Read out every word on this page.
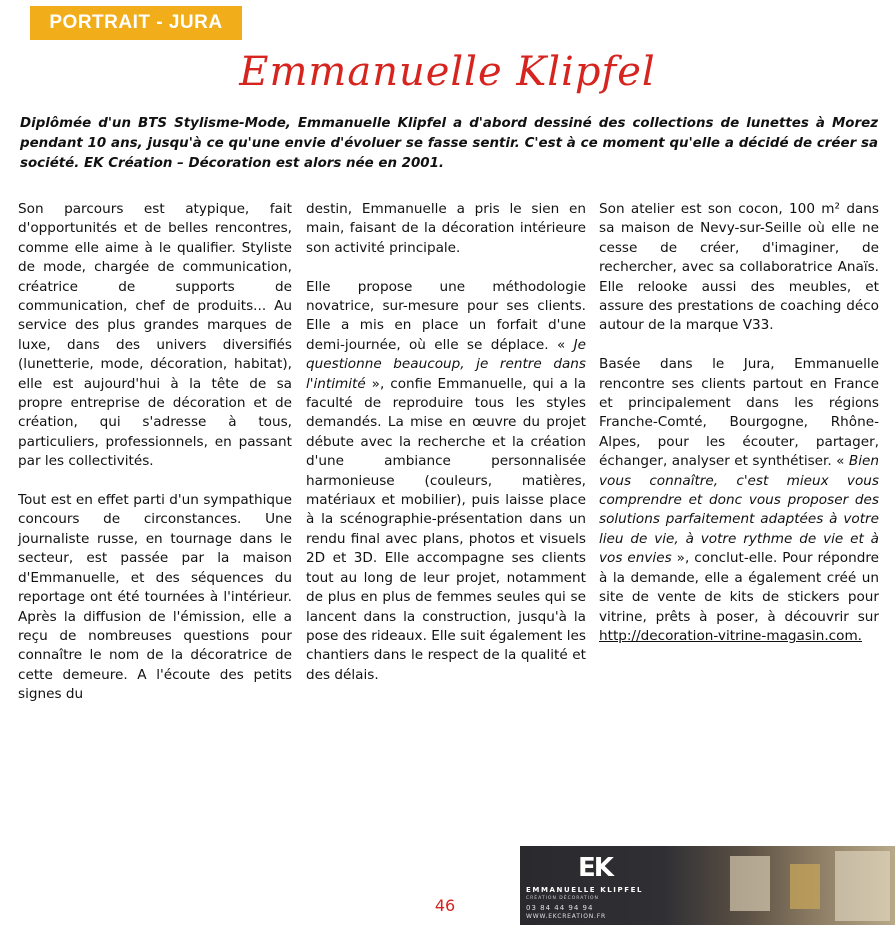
PORTRAIT - JURA
Emmanuelle Klipfel
Diplômée d'un BTS Stylisme-Mode, Emmanuelle Klipfel a d'abord dessiné des collections de lunettes à Morez pendant 10 ans, jusqu'à ce qu'une envie d'évoluer se fasse sentir. C'est à ce moment qu'elle a décidé de créer sa société. EK Création – Décoration est alors née en 2001.

Son parcours est atypique, fait d'opportunités et de belles rencontres, comme elle aime à le qualifier. Styliste de mode, chargée de communication, créatrice de supports de communication, chef de produits... Au service des plus grandes marques de luxe, dans des univers diversifiés (lunetterie, mode, décoration, habitat), elle est aujourd'hui à la tête de sa propre entreprise de décoration et de création, qui s'adresse à tous, particuliers, professionnels, en passant par les collectivités.

Tout est en effet parti d'un sympathique concours de circonstances. Une journaliste russe, en tournage dans le secteur, est passée par la maison d'Emmanuelle, et des séquences du reportage ont été tournées à l'intérieur. Après la diffusion de l'émission, elle a reçu de nombreuses questions pour connaître le nom de la décoratrice de cette demeure. A l'écoute des petits signes du

destin, Emmanuelle a pris le sien en main, faisant de la décoration intérieure son activité principale.

Elle propose une méthodologie novatrice, sur-mesure pour ses clients. Elle a mis en place un forfait d'une demi-journée, où elle se déplace. « Je questionne beaucoup, je rentre dans l'intimité », confie Emmanuelle, qui a la faculté de reproduire tous les styles demandés. La mise en œuvre du projet débute avec la recherche et la création d'une ambiance personnalisée harmonieuse (couleurs, matières, matériaux et mobilier), puis laisse place à la scénographie-présentation dans un rendu final avec plans, photos et visuels 2D et 3D. Elle accompagne ses clients tout au long de leur projet, notamment de plus en plus de femmes seules qui se lancent dans la construction, jusqu'à la pose des rideaux. Elle suit également les chantiers dans le respect de la qualité et des délais.

Son atelier est son cocon, 100 m² dans sa maison de Nevy-sur-Seille où elle ne cesse de créer, d'imaginer, de rechercher, avec sa collaboratrice Anaïs. Elle relooke aussi des meubles, et assure des prestations de coaching déco autour de la marque V33.

Basée dans le Jura, Emmanuelle rencontre ses clients partout en France et principalement dans les régions Franche-Comté, Bourgogne, Rhône-Alpes, pour les écouter, partager, échanger, analyser et synthétiser. « Bien vous connaître, c'est mieux vous comprendre et donc vous proposer des solutions parfaitement adaptées à votre lieu de vie, à votre rythme de vie et à vos envies », conclut-elle. Pour répondre à la demande, elle a également créé un site de vente de kits de stickers pour vitrine, prêts à poser, à découvrir sur http://decoration-vitrine-magasin.com.

46
EK
EMMANUELLE KLIPFEL
CRÉATION DÉCORATION
03 84 44 94 94
WWW.EKCREATION.FR
